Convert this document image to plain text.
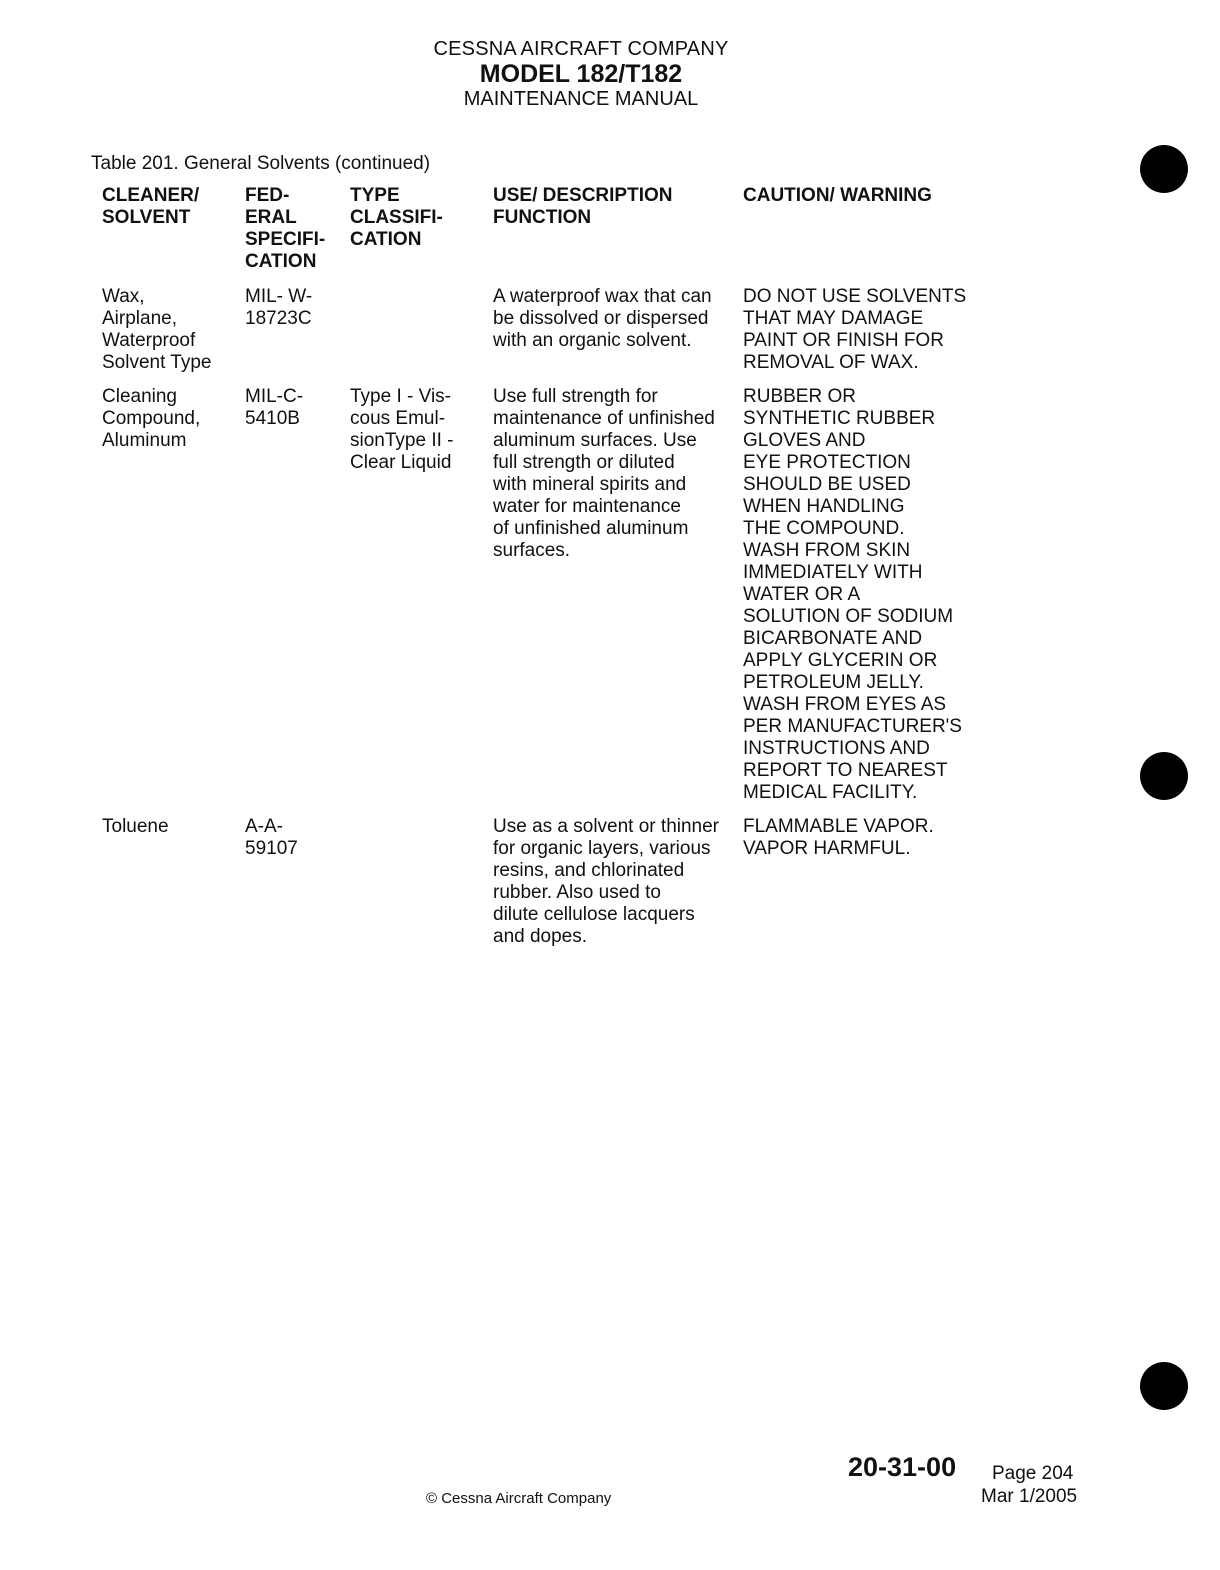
CESSNA AIRCRAFT COMPANY
MODEL 182/T182
MAINTENANCE MANUAL
Table 201. General Solvents (continued)
CLEANER/
SOLVENT
FED-
ERAL
SPECIFI-
CATION
TYPE
CLASSIFI-
CATION
USE/ DESCRIPTION
FUNCTION
CAUTION/ WARNING
Wax,
Airplane,
Waterproof
Solvent Type
MIL- W-
18723C
A waterproof wax that can
be dissolved or dispersed
with an organic solvent.
DO NOT USE SOLVENTS
THAT MAY DAMAGE
PAINT OR FINISH FOR
REMOVAL OF WAX.
Cleaning
Compound,
Aluminum
MIL-C-
5410B
Type I - Vis-
cous Emul-
sionType II -
Clear Liquid
Use full strength for
maintenance of unfinished
aluminum surfaces. Use
full strength or diluted
with mineral spirits and
water for maintenance
of unfinished aluminum
surfaces.
RUBBER OR
SYNTHETIC RUBBER
GLOVES AND
EYE PROTECTION
SHOULD BE USED
WHEN HANDLING
THE COMPOUND.
WASH FROM SKIN
IMMEDIATELY WITH
WATER OR A
SOLUTION OF SODIUM
BICARBONATE AND
APPLY GLYCERIN OR
PETROLEUM JELLY.
WASH FROM EYES AS
PER MANUFACTURER'S
INSTRUCTIONS AND
REPORT TO NEAREST
MEDICAL FACILITY.
Toluene	A-A-
59107
Use as a solvent or thinner
for organic layers, various
resins, and chlorinated
rubber. Also used to
dilute cellulose lacquers
and dopes.
FLAMMABLE VAPOR.
VAPOR HARMFUL.
20-31-00 Page 204
Mar 1/2005
© Cessna Aircraft Company
